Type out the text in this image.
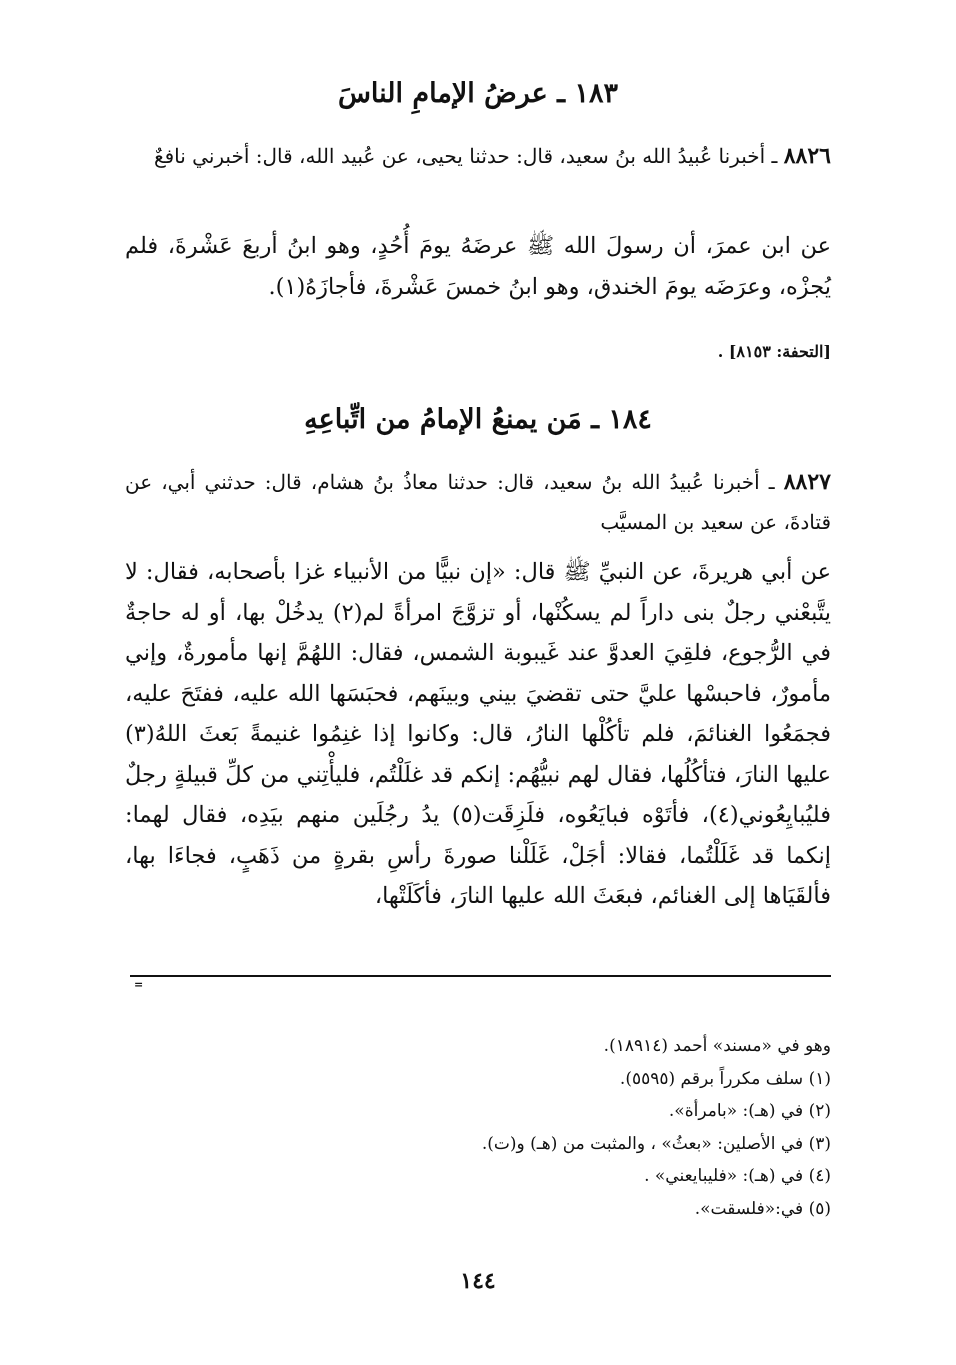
١٨٣ ـ عرضُ الإمامِ الناسَ
٨٨٢٦ ـ أخبرنا عُبيدُ الله بنُ سعيد، قال: حدثنا يحيى، عن عُبيد الله، قال: أخبرني نافعٌ
عن ابن عمرَ، أن رسولَ الله ﷺ عرضَهُ يومَ أُحُدٍ، وهو ابنُ أربعَ عَشْرةَ، فلم يُجزْه، وعرَضَه يومَ الخندق، وهو ابنُ خمسَ عَشْرةَ، فأجازَهُ(١).
[التحفة: ٨١٥٣] .
١٨٤ ـ مَن يمنعُ الإمامُ من اتِّباعِهِ
٨٨٢٧ ـ أخبرنا عُبيدُ الله بنُ سعيد، قال: حدثنا معاذُ بنُ هشام، قال: حدثني أبي، عن قتادةَ، عن سعيد بن المسيَّب
عن أبي هريرةَ، عن النبيِّ ﷺ قال: «إن نبيًّا من الأنبياء غزا بأصحابه، فقال: لا يتَّبعْني رجلٌ بنى داراً لم يسكُنْها، أو تزوَّجَ امرأةً لم(٢) يدخُلْ بها، أو له حاجةٌ في الرُّجوع، فلقِيَ العدوَّ عند غَيبوبة الشمس، فقال: اللهُمَّ إنها مأمورةٌ، وإني مأمورٌ، فاحبسْها عليَّ حتى تقضيَ بيني وبينَهم، فحبَسَها الله عليه، ففتَحَ عليه، فجمَعُوا الغنائمَ، فلم تأكُلْها النارُ، قال: وكانوا إذا غنِمُوا غنيمةً بَعثَ اللهُ(٣) عليها النارَ، فتأكُلُها، فقال لهم نبيُّهُم: إنكم قد غلَلْتُم، فليأْتِني من كلِّ قبيلةٍ رجلٌ فليُبايِعُوني(٤)، فأتَوْه فبايَعُوه، فلَزِقَت(٥) يدُ رجُلَين منهم بيَدِه، فقال لهما: إنكما قد غَلَلْتُما، فقالا: أجَلْ، غَلَلْنا صورةَ رأسِ بقرةٍ من ذَهَبٍ، فجاءَا بها، فألقَيَاها إلى الغنائم، فبعَثَ الله عليها النارَ، فأكَلَتْها،
=
وهو في «مسند» أحمد (١٨٩١٤).
(١) سلف مكرراً برقم (٥٥٩٥).
(٢) في (هـ): «بامرأة».
(٣) في الأصلين: «بعثُ» ، والمثبت من (هـ) و(ت).
(٤) في (هـ): «فليبايعني» .
(٥) في:«فلسقت».
١٤٤
